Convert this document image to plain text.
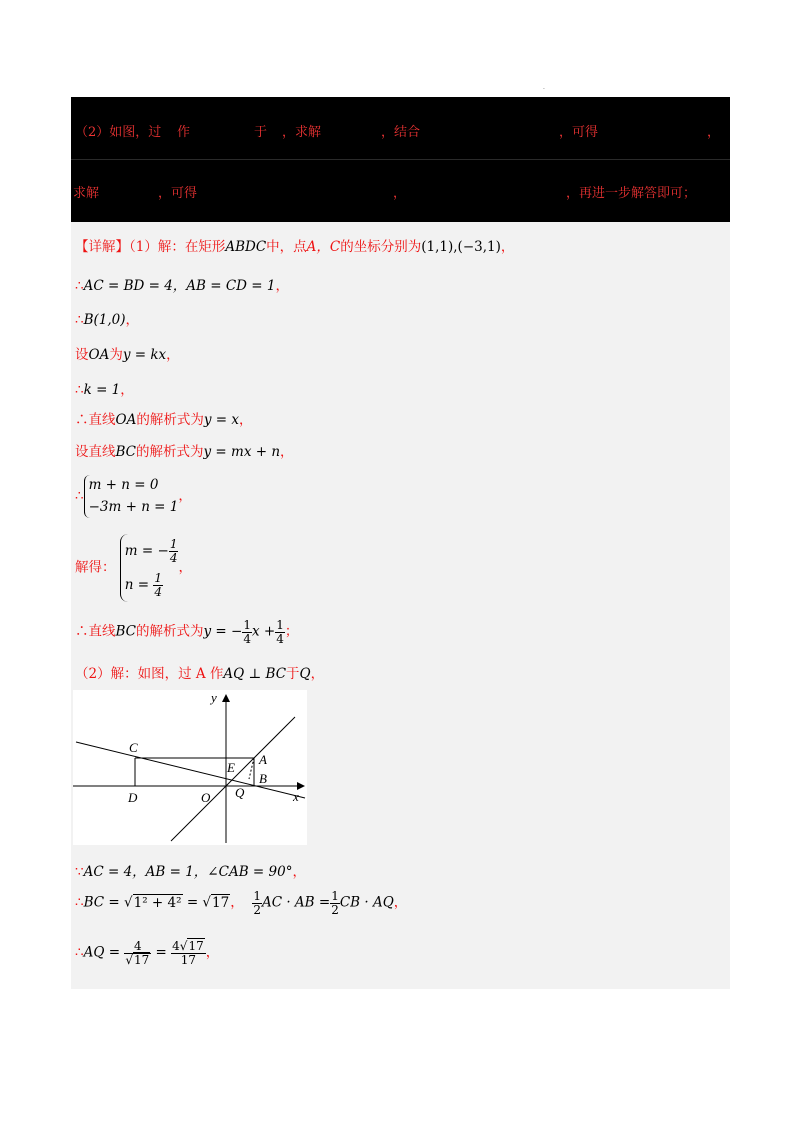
.
（2）如图，过 作	于 ，求解	，结合	，可得	，
求解	，可得	，	，再进一步解答即可；
【详解】（1）解：在矩形ABDC中，点A，C的坐标分别为(1,1),(−3,1)，
∴AC = BD = 4，AB = CD = 1，
∴B(1,0)，
设OA为y = kx，
∴k = 1，
∴直线OA的解析式为y = x，
设直线BC的解析式为y = mx + n，
∴
m + n = 0
−3m + n = 1
，
解得：
m = − $\frac{1}{4}$
n =
$\frac{1}{4}$
，
∴直线BC的解析式为y = − $\frac{1}{4}$ $x + \frac{1}{4}$ ；
（2）解：如图，过 A 作AQ ⊥ BC于Q，
C
D	O Q
E
A
B
y
x
∵AC = 4，AB = 1，∠CAB = 90°，
∴BC = √1² + 4² = √17， $\frac{1}{2}$ AC · AB = $\frac{1}{2}$ CB · AQ，
∴AQ = $\frac{4}{√17} = \frac{4√17}{17}$ ，
